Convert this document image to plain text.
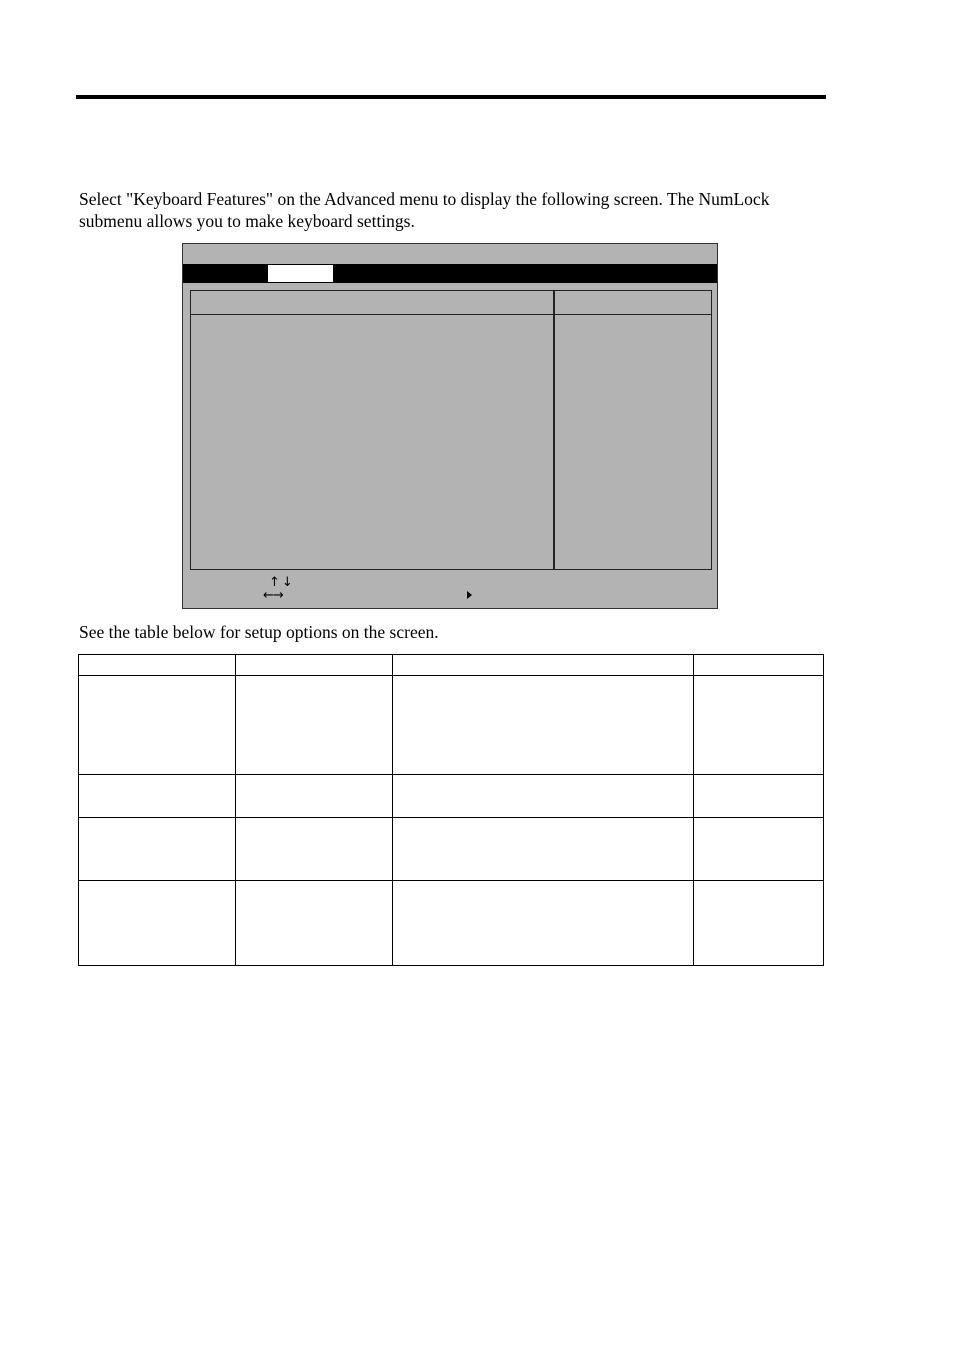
Select "Keyboard Features" on the Advanced menu to display the following screen. The NumLock
submenu allows you to make keyboard settings.

↑↓
←→

See the table below for setup options on the screen.
